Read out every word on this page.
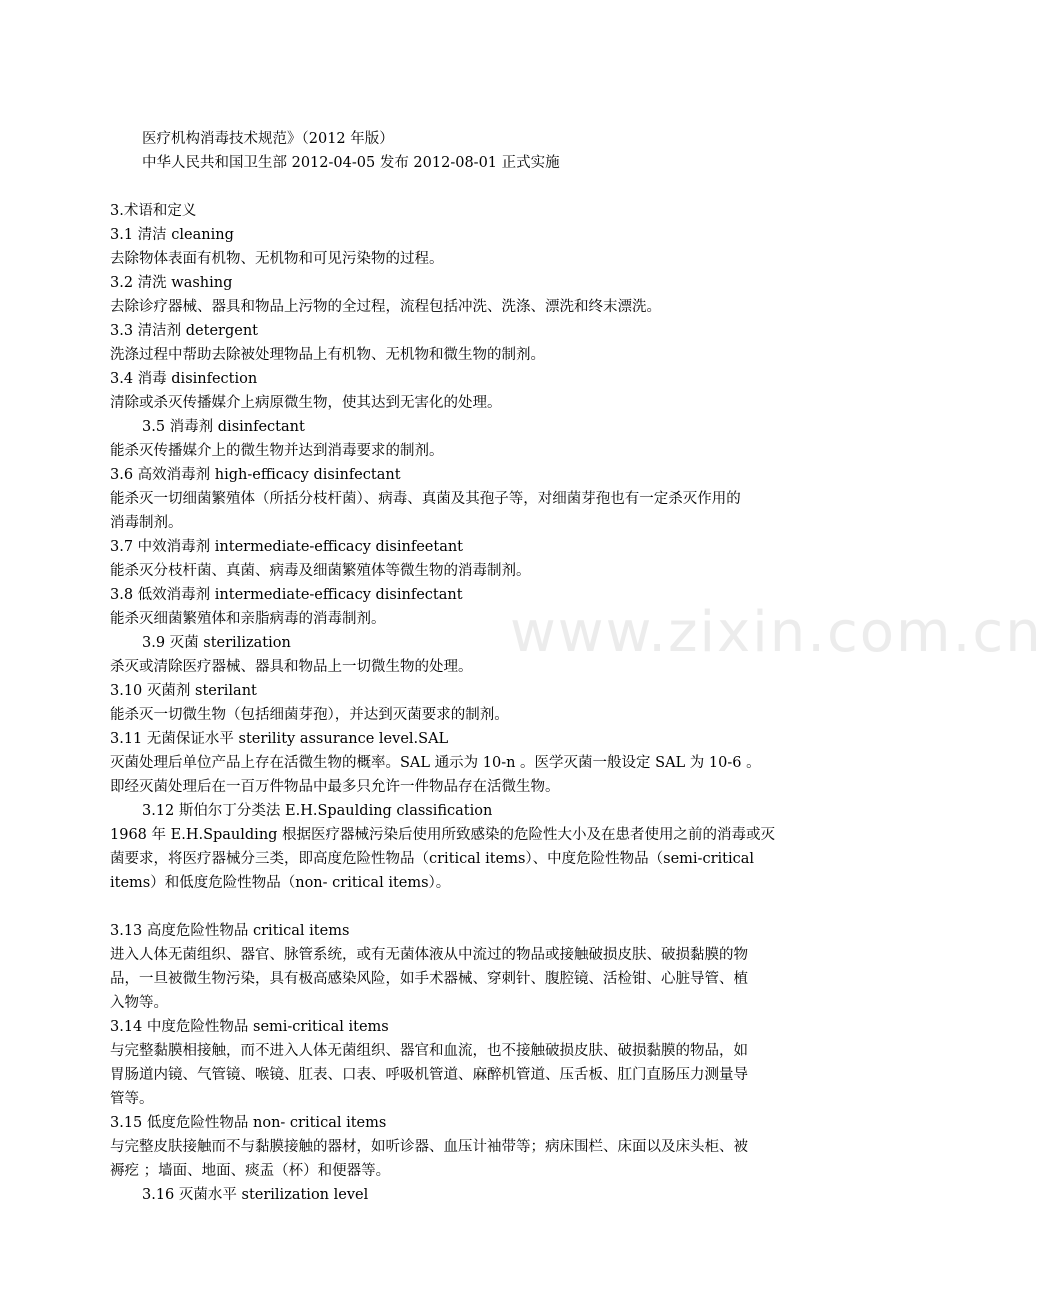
医疗机构消毒技术规范》（2012 年版）
中华人民共和国卫生部 2012-04-05 发布 2012-08-01 正式实施
3.术语和定义
3.1 清洁 cleaning
去除物体表面有机物、无机物和可见污染物的过程。
3.2 清洗 washing
去除诊疗器械、器具和物品上污物的全过程，流程包括冲洗、洗涤、漂洗和终末漂洗。
3.3 清洁剂 detergent
洗涤过程中帮助去除被处理物品上有机物、无机物和微生物的制剂。
3.4 消毒 disinfection
清除或杀灭传播媒介上病原微生物，使其达到无害化的处理。
3.5 消毒剂 disinfectant
能杀灭传播媒介上的微生物并达到消毒要求的制剂。
3.6 高效消毒剂 high-efficacy disinfectant
能杀灭一切细菌繁殖体（所括分枝杆菌）、病毒、真菌及其孢子等，对细菌芽孢也有一定杀灭作用的
消毒制剂。
3.7 中效消毒剂 intermediate-efficacy disinfeetant
能杀灭分枝杆菌、真菌、病毒及细菌繁殖体等微生物的消毒制剂。
3.8 低效消毒剂 intermediate-efficacy disinfectant
能杀灭细菌繁殖体和亲脂病毒的消毒制剂。
3.9 灭菌 sterilization
杀灭或清除医疗器械、器具和物品上一切微生物的处理。
3.10 灭菌剂 sterilant
能杀灭一切微生物（包括细菌芽孢），并达到灭菌要求的制剂。
3.11 无菌保证水平 sterility assurance level.SAL
灭菌处理后单位产品上存在活微生物的概率。SAL 通示为 10-n 。医学灭菌一般设定 SAL 为 10-6 。
即经灭菌处理后在一百万件物品中最多只允许一件物品存在活微生物。
3.12 斯伯尔丁分类法 E.H.Spaulding classification
1968 年 E.H.Spaulding 根据医疗器械污染后使用所致感染的危险性大小及在患者使用之前的消毒或灭
菌要求，将医疗器械分三类，即高度危险性物品（critical items）、中度危险性物品（semi-critical
items）和低度危险性物品（non- critical items）。
3.13 高度危险性物品 critical items
进入人体无菌组织、器官、脉管系统，或有无菌体液从中流过的物品或接触破损皮肤、破损黏膜的物
品，一旦被微生物污染，具有极高感染风险，如手术器械、穿刺针、腹腔镜、活检钳、心脏导管、植
入物等。
3.14 中度危险性物品 semi-critical items
与完整黏膜相接触，而不进入人体无菌组织、器官和血流，也不接触破损皮肤、破损黏膜的物品，如
胃肠道内镜、气管镜、喉镜、肛表、口表、呼吸机管道、麻醉机管道、压舌板、肛门直肠压力测量导
管等。
3.15 低度危险性物品 non- critical items
与完整皮肤接触而不与黏膜接触的器材，如听诊器、血压计袖带等；病床围栏、床面以及床头柜、被
褥疙 ；墙面、地面、痰盂（杯）和便器等。
3.16 灭菌水平 sterilization level
www.zixin.com.cn
